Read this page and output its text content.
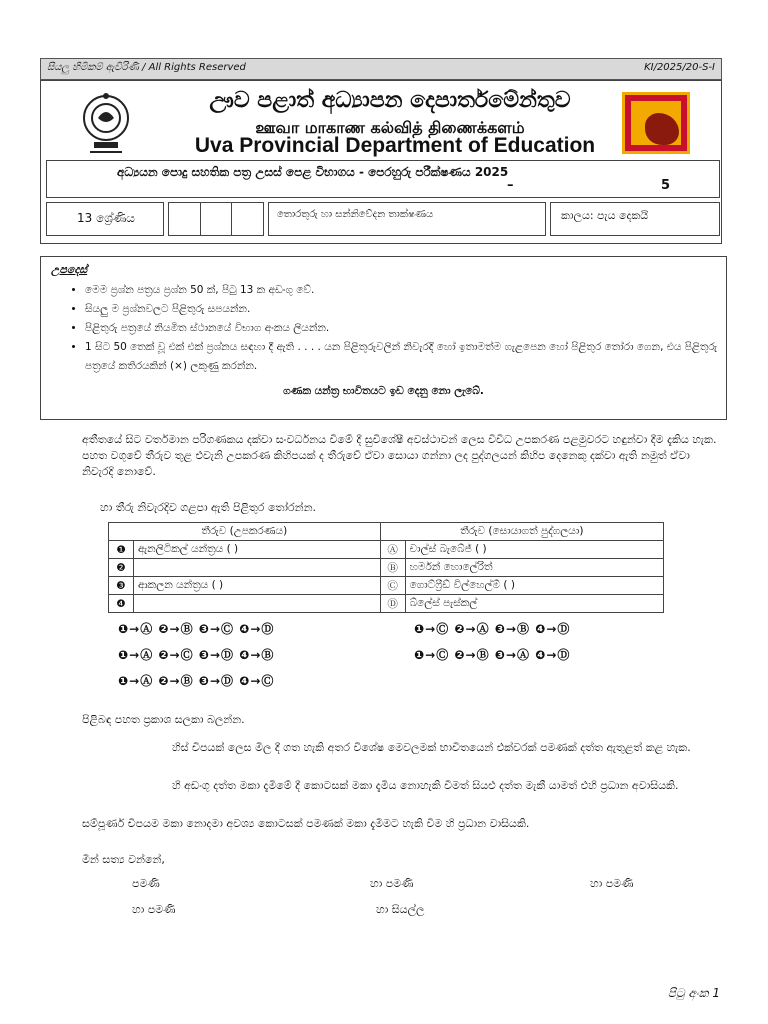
සියලු හිමිකම් ඇවිරිණි / All Rights Reserved	KI/2025/20-S-I
ඌව පළාත් අධ්‍යාපන දෙපාර්තමේන්තුව
ஊவா மாகாண கல்வித் திணைக்களம்
Uva Provincial Department of Education
අධ්‍යයන පොදු සහතික පත්‍ර උසස් පෙළ විභාගය - පෙරහුරු පරීක්ෂණය 2025
–	5
13 ශ්‍රේණිය	තොරතුරු හා සන්නිවේදන තාක්ෂණය	කාලය: පැය දෙකයි
උපදෙස්
• මෙම ප්‍රශ්න පත්‍රය ප්‍රශ්න 50 ක්, පිටු 13 ක අඩංගු වේ.
• සියලු ම ප්‍රශ්නවලට පිළිතුරු සපයන්න.
• පිළිතුරු පත්‍රයේ නියමිත ස්ථානයේ විභාග අංකය ලියන්න.
• 1 සිට 50 තෙක් වූ එක් එක් ප්‍රශ්නය සඳහා දී ඇති . . . . යන පිළිතුරුවලින් නිවැරදි හෝ ඉතාමත්ම ගැළපෙන හෝ පිළිතුර තෝරා ගෙන, එය පිළිතුරු පත්‍රයේ කතිරයකින් (×) ලකුණු කරන්න.
ගණක යන්ත්‍ර භාවිතයට ඉඩ දෙනු නො ලැබේ.
අතීතයේ සිට වර්තමාන පරිගණකය දක්වා සංවර්ධනය වීමේ දී සුවිශේෂී අවස්ථාවන් ලෙස විවිධ උපකරණ පළමුවරට හඳුන්වා දීම දැකිය හැක. පහත වගුවේ තීරුව තුළ එවැනි උපකරණ කිහිපයක් ද තීරුවේ ඒවා සොයා ගන්නා ලද පුද්ගලයන් කිහිප දෙනෙකු දක්වා ඇති නමුත් ඒවා නිවැරදි නොවේ.
හා තීරු නිවැරදිව ගළපා ඇති පිළිතුර තෝරන්න.
තීරුව (උපකරණය)		තීරුව (සොයාගත් පුද්ගලයා)	
❶	ඇනලිටිකල් යන්ත්‍රය ( )	Ⓐ	චාල්ස් බැබේජ් ( )
❷		Ⓑ	හර්මන් හොලේරිත්
❸	ආකලන යන්ත්‍රය ( )	Ⓒ	ගොට්ෆ්‍රීඩ් විල්හෙල්ම් ( )
❹		Ⓓ	බ්ලේස් පැස්කල්
❶→Ⓐ ❷→Ⓑ ❸→Ⓒ ❹→Ⓓ	❶→Ⓒ ❷→Ⓐ ❸→Ⓑ ❹→Ⓓ
❶→Ⓐ ❷→Ⓒ ❸→Ⓓ ❹→Ⓑ	❶→Ⓒ ❷→Ⓑ ❸→Ⓐ ❹→Ⓓ
❶→Ⓐ ❷→Ⓑ ❸→Ⓓ ❹→Ⓒ
පිළිබඳ පහත ප්‍රකාශ සලකා බලන්න.
හිස් චිපයක් ලෙස මිල දී ගත හැකි අතර විශේෂ මෙවලමක් භාවිතයෙන් එක්වරක් පමණක් දත්ත ඇතුළත් කළ හැක.
හි අඩංගු දත්ත මකා දැමීමේ දී කොටසක් මකා දැමිය නොහැකි වීමත් සියළු දත්ත මැකී යාමත් එහි ප්‍රධාන අවාසියකි.
සම්පූර්ණ චිපයම මකා නොදමා අවශ්‍ය කොටසක් පමණක් මකා දැමීමට හැකි වීම හි ප්‍රධාන වාසියකි.
මින් සත්‍ය වන්නේ,
පමණි	හා පමණි	හා පමණි
හා පමණි	හා සියල්ල
පිටු අංක 1
